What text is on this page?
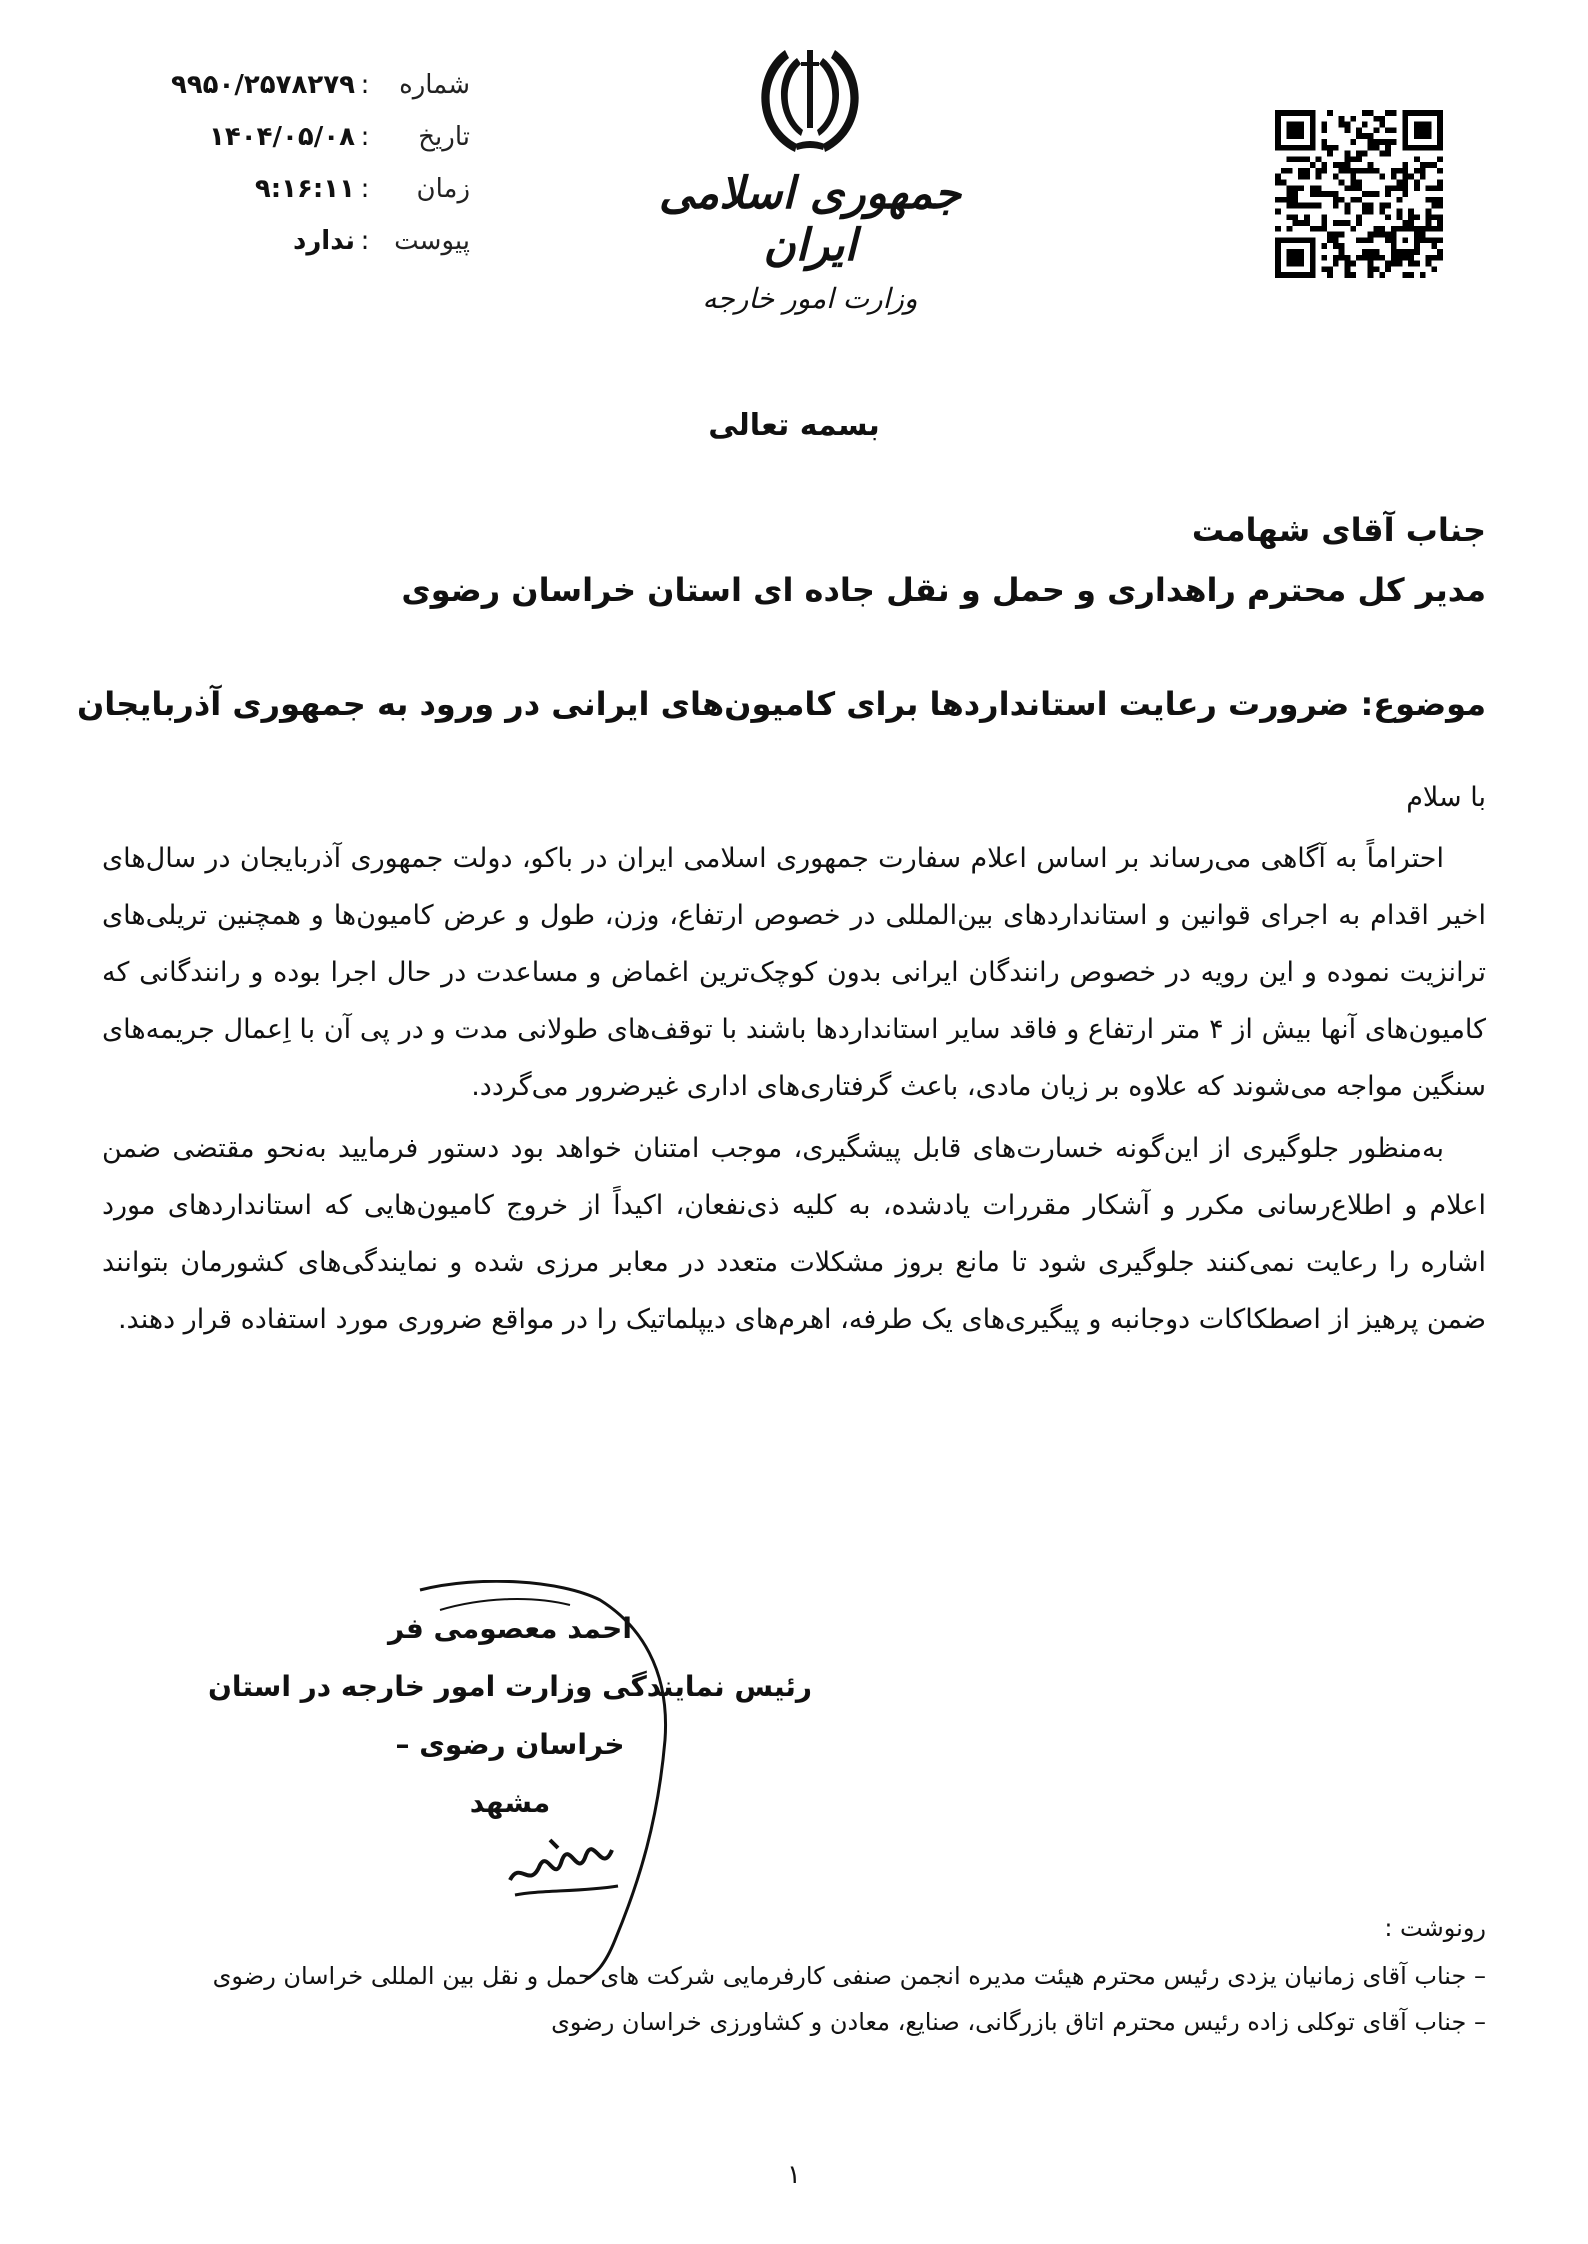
شماره
:
۹۹۵۰/۲۵۷۸۲۷۹
تاریخ
:
۱۴۰۴/۰۵/۰۸
زمان
:
۹:۱۶:۱۱
پیوست
:
ندارد
جمهوری اسلامی ایران
وزارت امور خارجه
بسمه تعالی
جناب آقای شهامت
مدیر کل محترم راهداری و حمل و نقل جاده ای استان خراسان رضوی
موضوع: ضرورت رعایت استانداردها برای کامیون‌های ایرانی در ورود به جمهوری آذربایجان
با سلام

احتراماً به آگاهی می‌رساند بر اساس اعلام سفارت جمهوری اسلامی ایران در باکو، دولت جمهوری آذربایجان در سال‌های اخیر اقدام به اجرای قوانین و استانداردهای بین‌المللی در خصوص ارتفاع، وزن، طول و عرض کامیون‌ها و همچنین تریلی‌های ترانزیت نموده و این رویه در خصوص رانندگان ایرانی بدون کوچک‌ترین اغماض و مساعدت در حال اجرا بوده و رانندگانی که کامیون‌های آنها بیش از ۴ متر ارتفاع و فاقد سایر استانداردها باشند با توقف‌های طولانی مدت و در پی آن با اِعمال جریمه‌های سنگین مواجه می‌شوند که علاوه بر زیان مادی، باعث گرفتاری‌های اداری غیرضرور می‌گردد.

به‌منظور جلوگیری از این‌گونه خسارت‌های قابل پیشگیری، موجب امتنان خواهد بود دستور فرمایید به‌نحو مقتضی ضمن اعلام و اطلاع‌رسانی مکرر و آشکار مقررات یادشده، به کلیه ذی‌نفعان، اکیداً از خروج کامیون‌هایی که استانداردهای مورد اشاره را رعایت نمی‌کنند جلوگیری شود تا مانع بروز مشکلات متعدد در معابر مرزی شده و نمایندگی‌های کشورمان بتوانند ضمن پرهیز از اصطکاکات دوجانبه و پیگیری‌های یک طرفه، اهرم‌های دیپلماتیک را در مواقع ضروری مورد استفاده قرار دهند.

احمد معصومی فر
رئیس نمایندگی وزارت امور خارجه در استان خراسان رضوی –
مشهد
رونوشت :
– جناب آقای زمانیان یزدی رئیس محترم هیئت مدیره انجمن صنفی کارفرمایی شرکت های حمل و نقل بین المللی خراسان رضوی
– جناب آقای توکلی زاده رئیس محترم اتاق بازرگانی، صنایع، معادن و کشاورزی خراسان رضوی
۱
